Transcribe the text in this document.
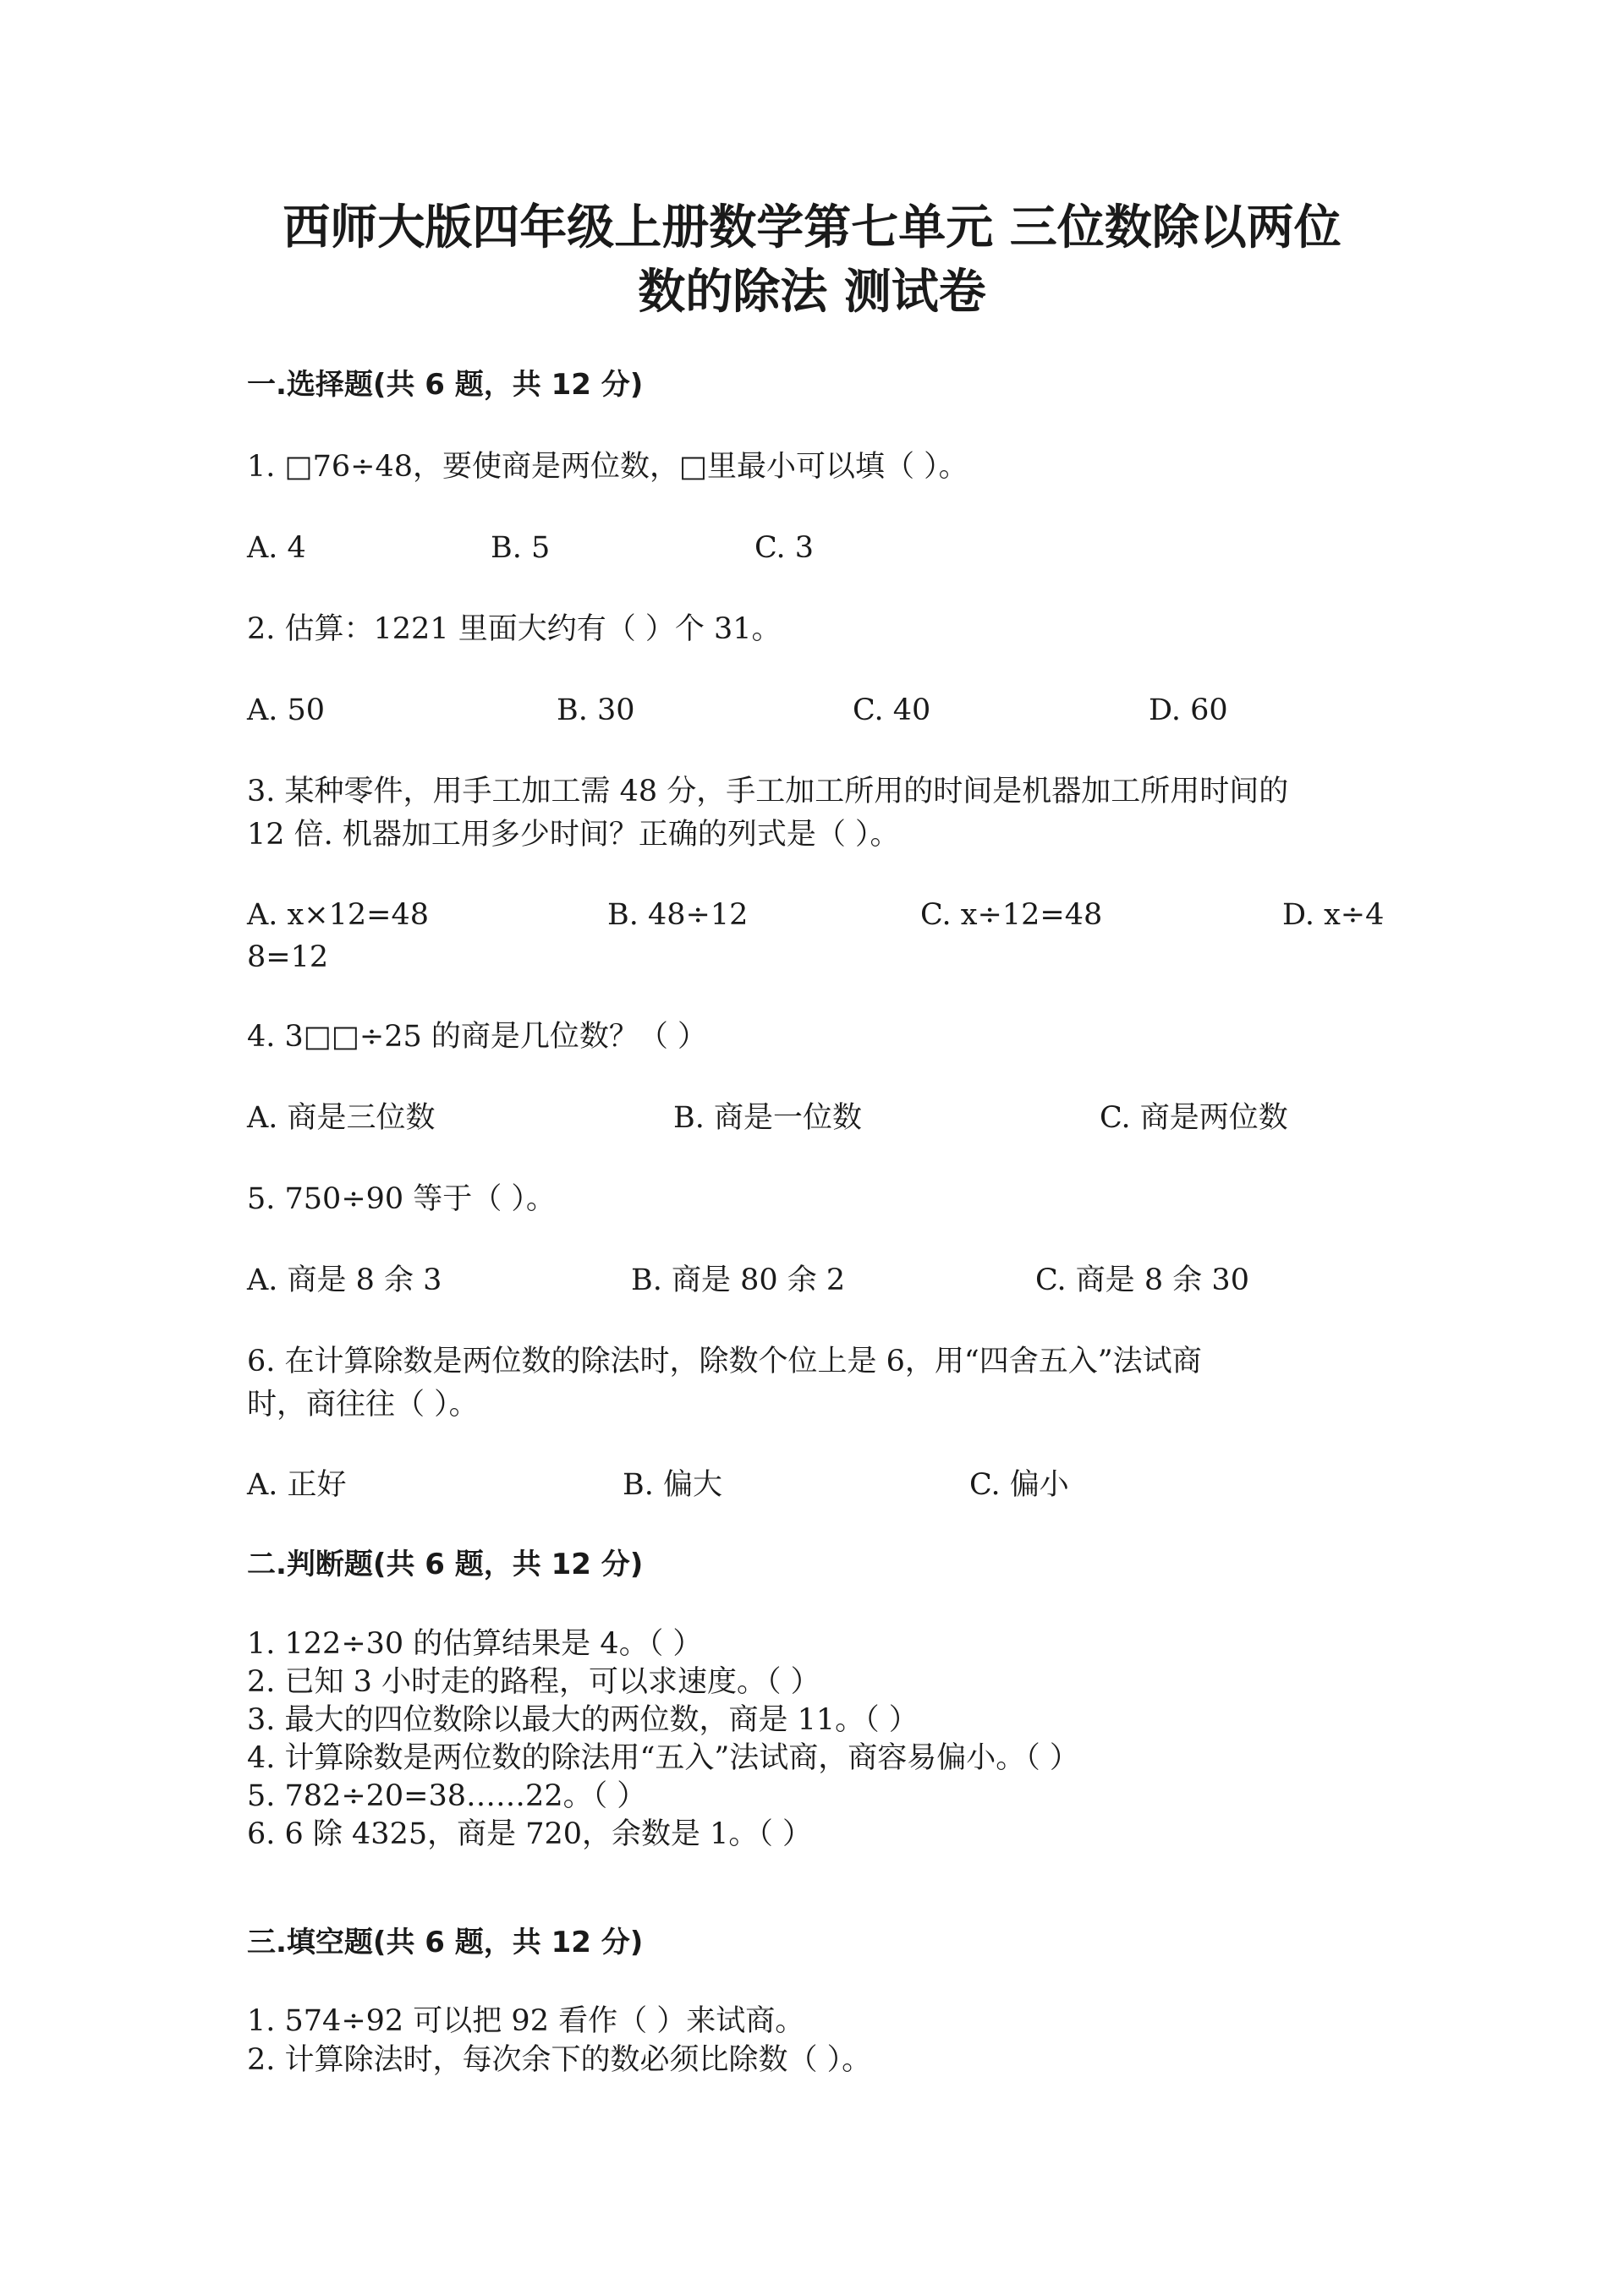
西师大版四年级上册数学第七单元 三位数除以两位
数的除法 测试卷
一.选择题(共 6 题，共 12 分)

1. □76÷48，要使商是两位数，□里最小可以填（ ）。

A. 4	B. 5	C. 3

2. 估算：1221 里面大约有（ ）个 31。

A. 50	B. 30	C. 40	D. 60

3. 某种零件，用手工加工需 48 分，手工加工所用的时间是机器加工所用时间的

12 倍. 机器加工用多少时间？正确的列式是（ ）。

A. x×12=48	B. 48÷12	C. x÷12=48	D. x÷4

8=12

4. 3□□÷25 的商是几位数？（ ）

A. 商是三位数	B. 商是一位数	C. 商是两位数

5. 750÷90 等于（ ）。

A. 商是 8 余 3	B. 商是 80 余 2	C. 商是 8 余 30

6. 在计算除数是两位数的除法时，除数个位上是 6，用“四舍五入”法试商

时，商往往（ ）。

A. 正好	B. 偏大	C. 偏小

二.判断题(共 6 题，共 12 分)

1. 122÷30 的估算结果是 4。（ ）

2. 已知 3 小时走的路程，可以求速度。（ ）

3. 最大的四位数除以最大的两位数，商是 11。（ ）

4. 计算除数是两位数的除法用“五入”法试商，商容易偏小。（ ）

5. 782÷20=38……22。（ ）

6. 6 除 4325，商是 720，余数是 1。（ ）

三.填空题(共 6 题，共 12 分)

1. 574÷92 可以把 92 看作（ ）来试商。

2. 计算除法时，每次余下的数必须比除数（ ）。
